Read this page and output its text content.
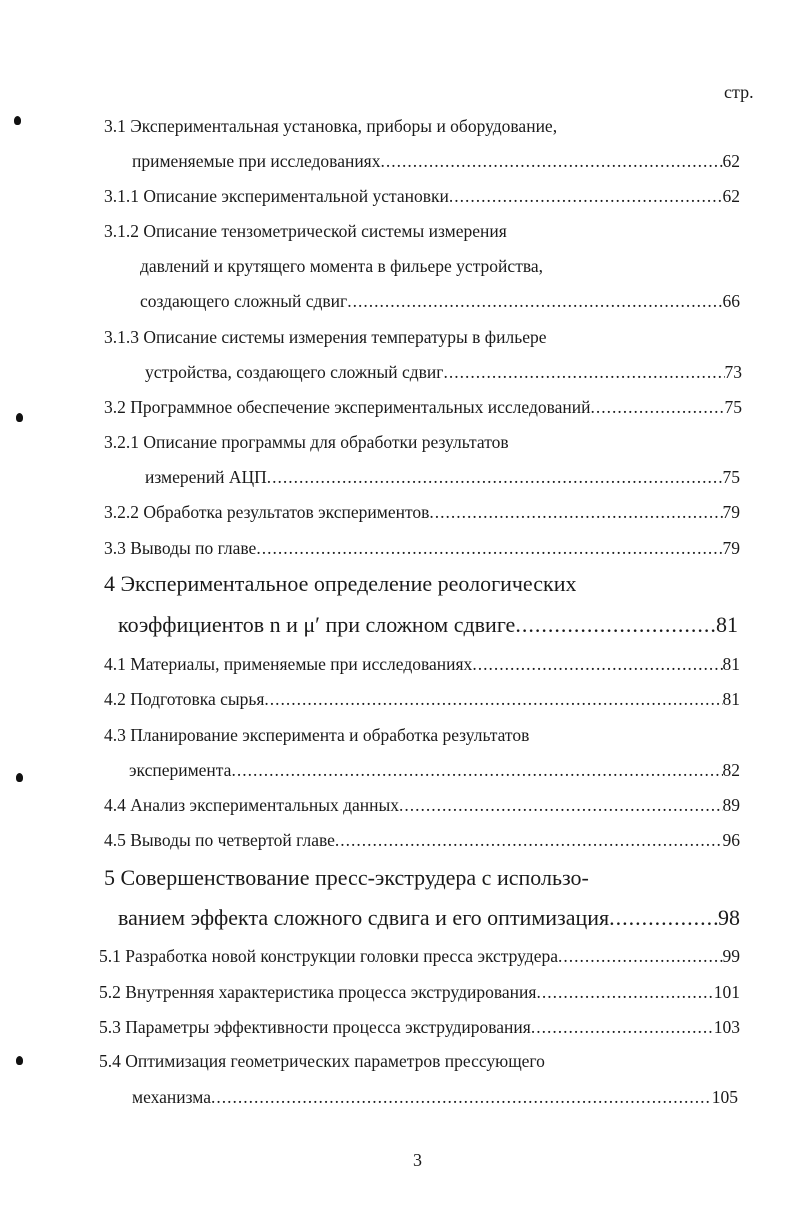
стр.
3.1 Экспериментальная установка, приборы и оборудование,
применяемые при исследованиях .....	62
3.1.1 Описание экспериментальной установки .....	62
3.1.2 Описание тензометрической системы измерения
давлений и крутящего момента в фильере устройства,
создающего сложный сдвиг .....	66
3.1.3 Описание системы измерения температуры в фильере
устройства, создающего сложный сдвиг .....	73
3.2 Программное обеспечение экспериментальных исследований .....	75
3.2.1 Описание программы для обработки результатов
измерений АЦП .....	75
3.2.2 Обработка результатов экспериментов .....	79
3.3 Выводы по главе .....	79
4 Экспериментальное определение реологических
коэффициентов n и μ′ при сложном сдвиге .....	81
4.1 Материалы, применяемые при исследованиях .....	81
4.2 Подготовка сырья .....	81
4.3 Планирование эксперимента и обработка результатов
эксперимента .....	82
4.4 Анализ экспериментальных данных .....	89
4.5 Выводы по четвертой главе .....	96
5 Совершенствование пресс-экструдера с использо-
ванием эффекта сложного сдвига и его оптимизация .....	98
5.1 Разработка новой конструкции головки пресса экструдера .....	99
5.2 Внутренняя характеристика процесса экструдирования .....	101
5.3 Параметры эффективности процесса экструдирования .....	103
5.4 Оптимизация геометрических параметров прессующего
механизма .....	105
3
